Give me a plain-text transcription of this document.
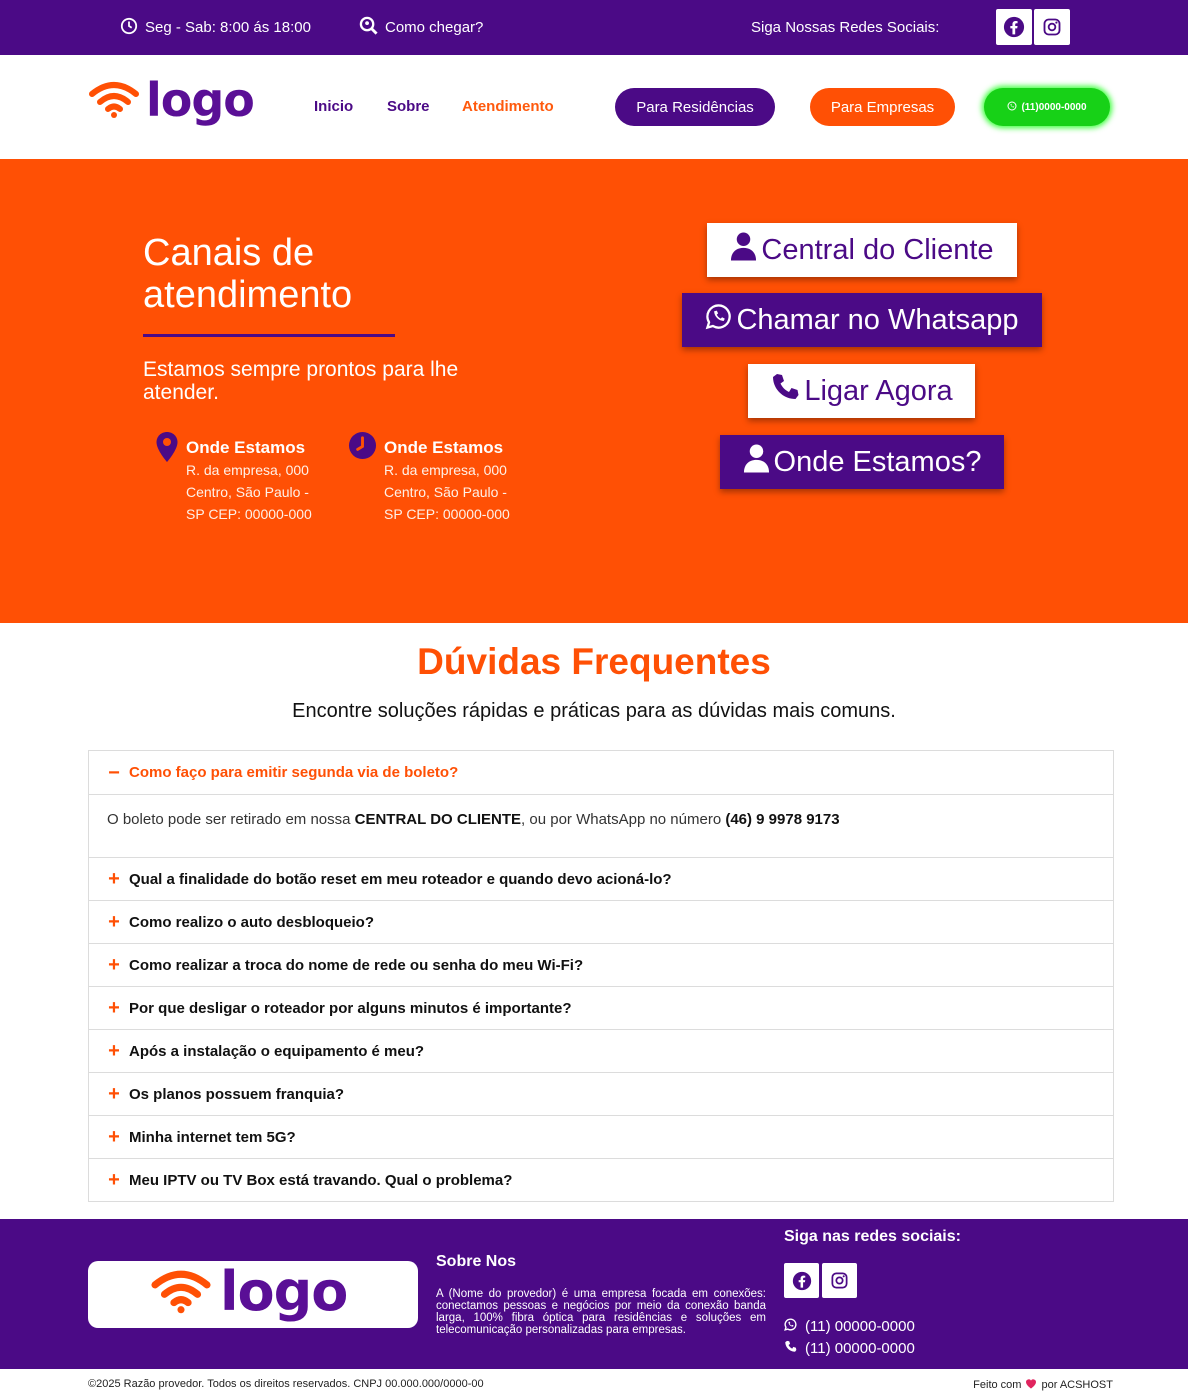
Seg - Sab: 8:00 ás 18:00	Como chegar?	Siga Nossas Redes Sociais:
logo	Inicio Sobre Atendimento	Para Residências	Para Empresas	(11)0000-0000
Canais de atendimento

Estamos sempre prontos para lhe atender.

Onde Estamos
R. da empresa, 000 Centro, São Paulo - SP CEP: 00000-000
Onde Estamos
R. da empresa, 000 Centro, São Paulo - SP CEP: 00000-000
Central do Cliente
Chamar no Whatsapp
Ligar Agora
Onde Estamos?
Dúvidas Frequentes

Encontre soluções rápidas e práticas para as dúvidas mais comuns.

− Como faço para emitir segunda via de boleto?
O boleto pode ser retirado em nossa CENTRAL DO CLIENTE, ou por WhatsApp no número (46) 9 9978 9173
+ Qual a finalidade do botão reset em meu roteador e quando devo acioná-lo?
+ Como realizo o auto desbloqueio?
+ Como realizar a troca do nome de rede ou senha do meu Wi-Fi?
+ Por que desligar o roteador por alguns minutos é importante?
+ Após a instalação o equipamento é meu?
+ Os planos possuem franquia?
+ Minha internet tem 5G?
+ Meu IPTV ou TV Box está travando. Qual o problema?
logo	Sobre Nos
A (Nome do provedor) é uma empresa focada em conexões: conectamos pessoas e negócios por meio da conexão banda larga, 100% fibra óptica para residências e soluções em telecomunicação personalizadas para empresas.
Siga nas redes sociais:
(11) 00000-0000
(11) 00000-0000
©2025 Razão provedor. Todos os direitos reservados. CNPJ 00.000.000/0000-00	Feito com por ACSHOST
